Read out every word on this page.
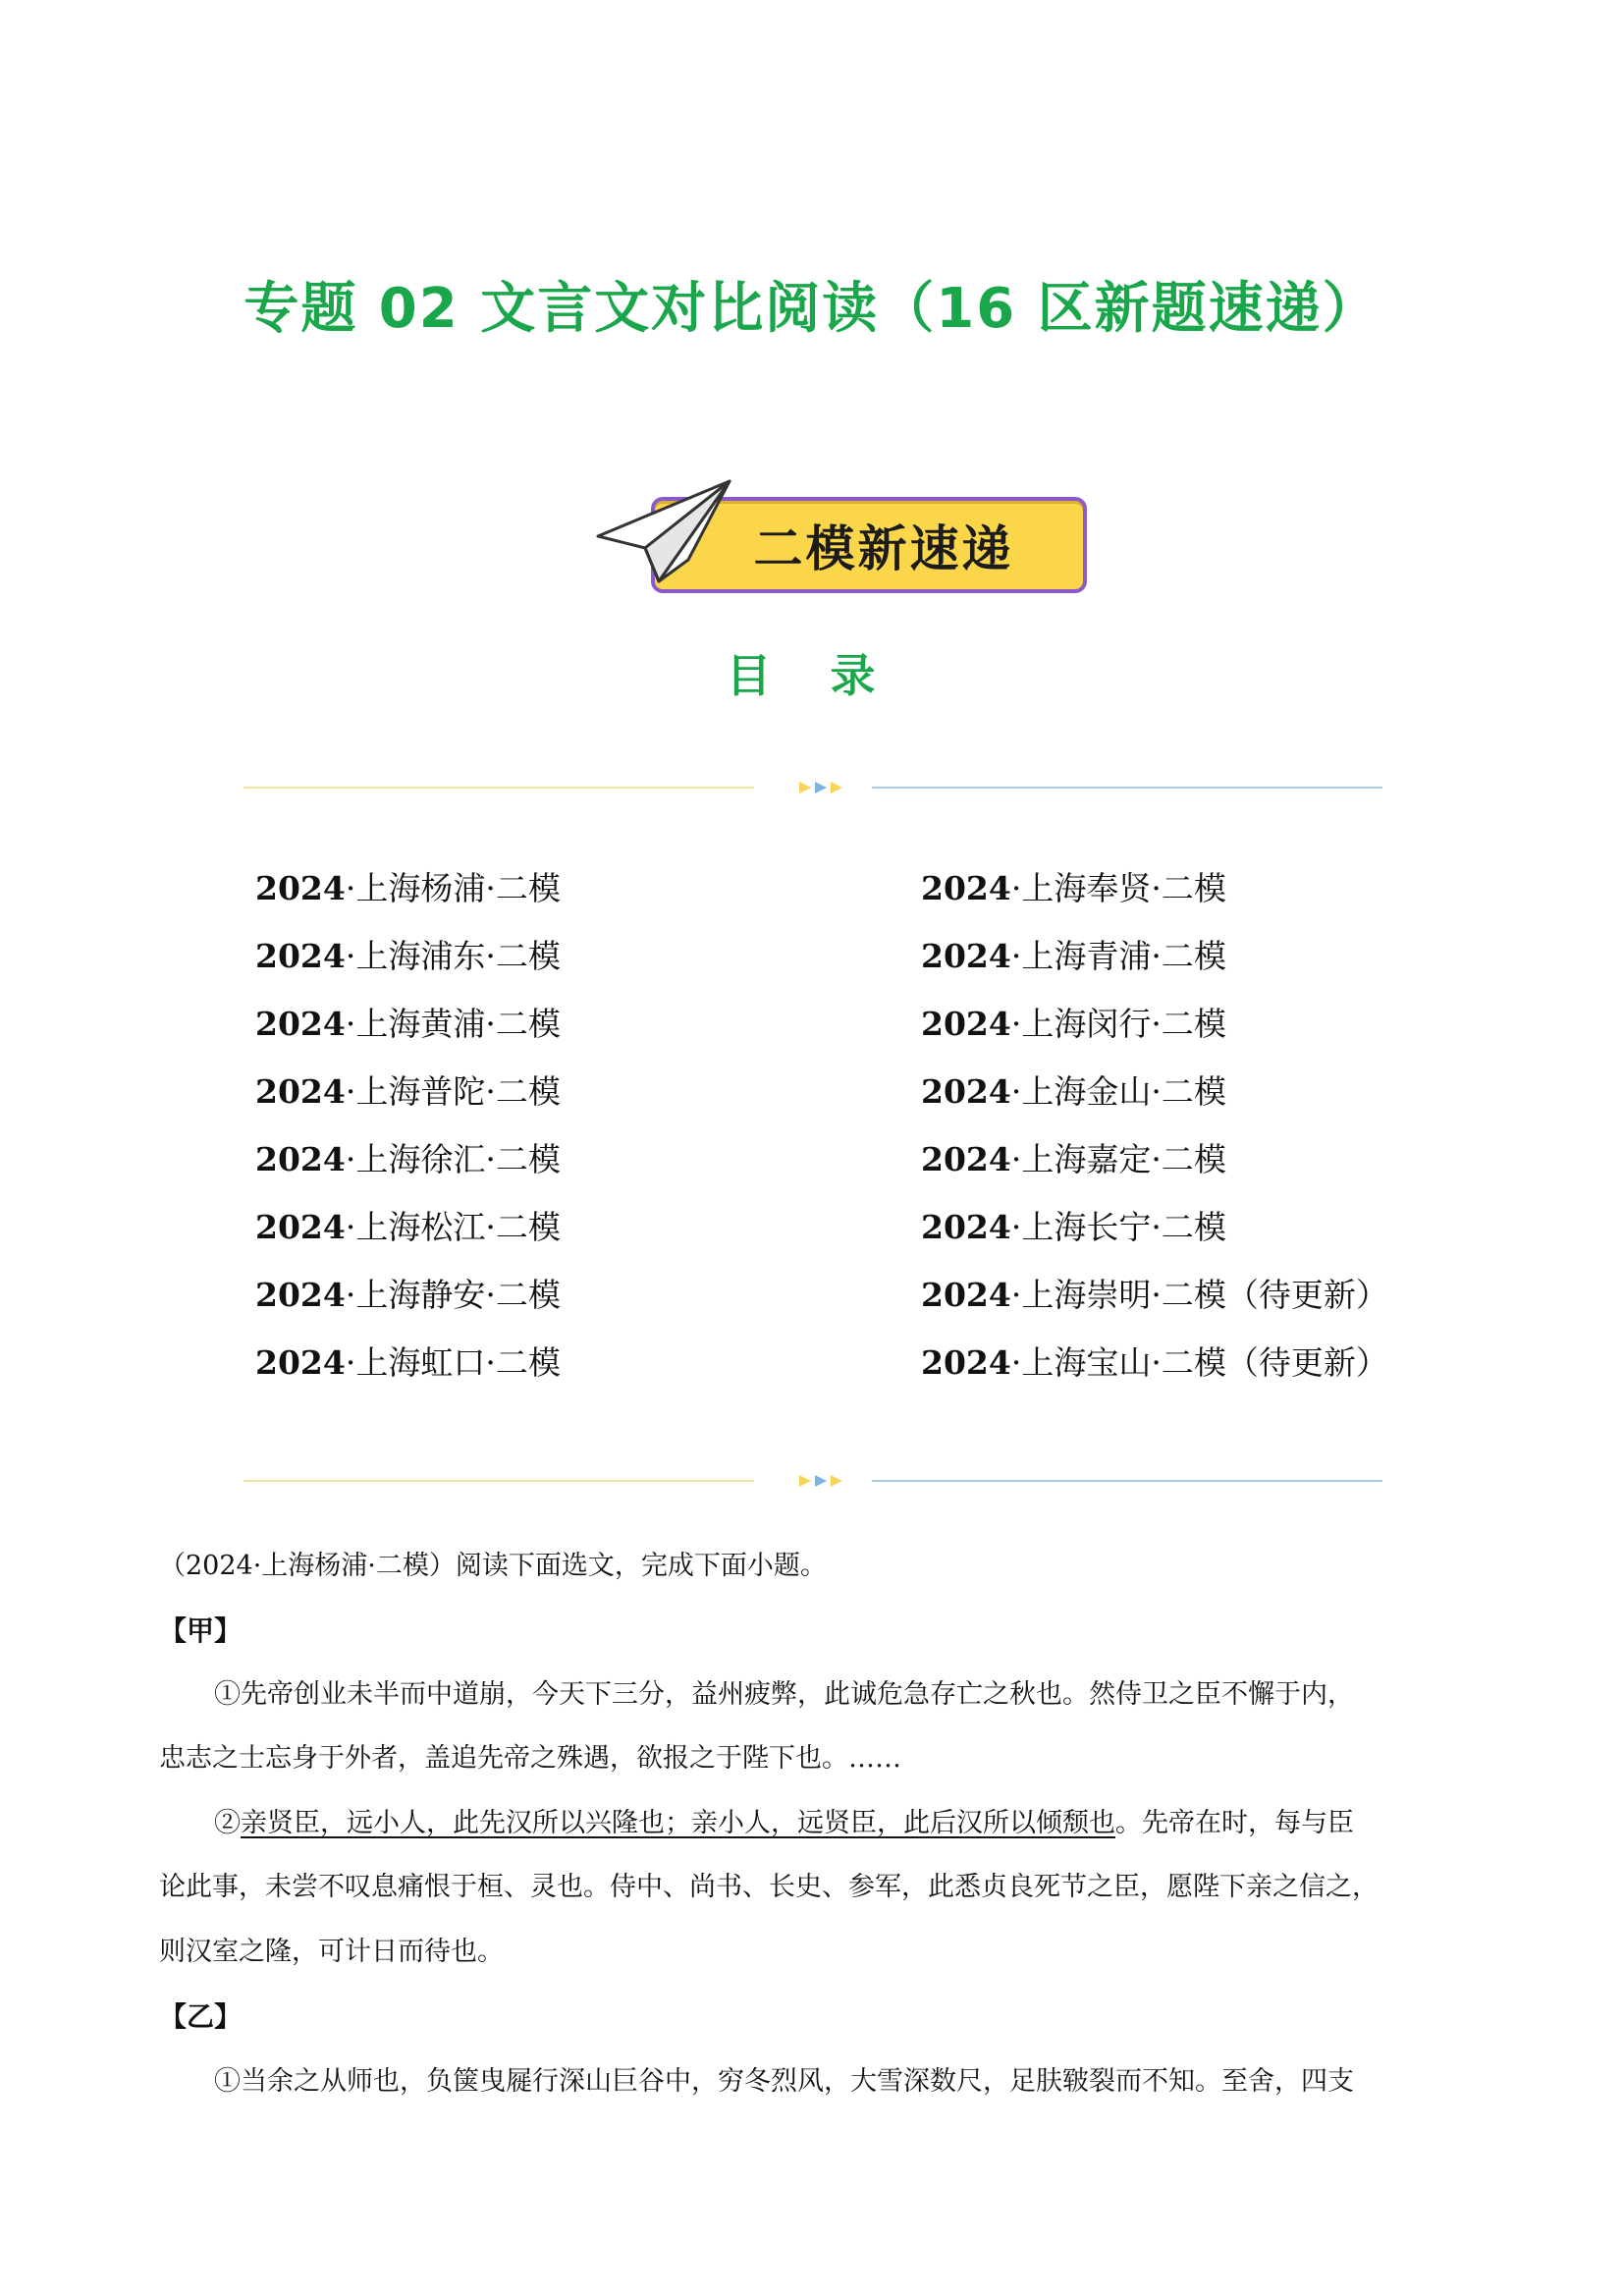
专题 02 文言文对比阅读（16 区新题速递）
二模新速递
目 录
2024·上海杨浦·二模
2024·上海浦东·二模
2024·上海黄浦·二模
2024·上海普陀·二模
2024·上海徐汇·二模
2024·上海松江·二模
2024·上海静安·二模
2024·上海虹口·二模
2024·上海奉贤·二模
2024·上海青浦·二模
2024·上海闵行·二模
2024·上海金山·二模
2024·上海嘉定·二模
2024·上海长宁·二模
2024·上海崇明·二模（待更新）
2024·上海宝山·二模（待更新）
（2024·上海杨浦·二模）阅读下面选文，完成下面小题。
【甲】
①先帝创业未半而中道崩，今天下三分，益州疲弊，此诚危急存亡之秋也。然侍卫之臣不懈于内，
忠志之士忘身于外者，盖追先帝之殊遇，欲报之于陛下也。……
②亲贤臣，远小人，此先汉所以兴隆也；亲小人，远贤臣，此后汉所以倾颓也。先帝在时，每与臣
论此事，未尝不叹息痛恨于桓、灵也。侍中、尚书、长史、参军，此悉贞良死节之臣，愿陛下亲之信之，
则汉室之隆，可计日而待也。
【乙】
①当余之从师也，负箧曳屣行深山巨谷中，穷冬烈风，大雪深数尺，足肤皲裂而不知。至舍，四支
